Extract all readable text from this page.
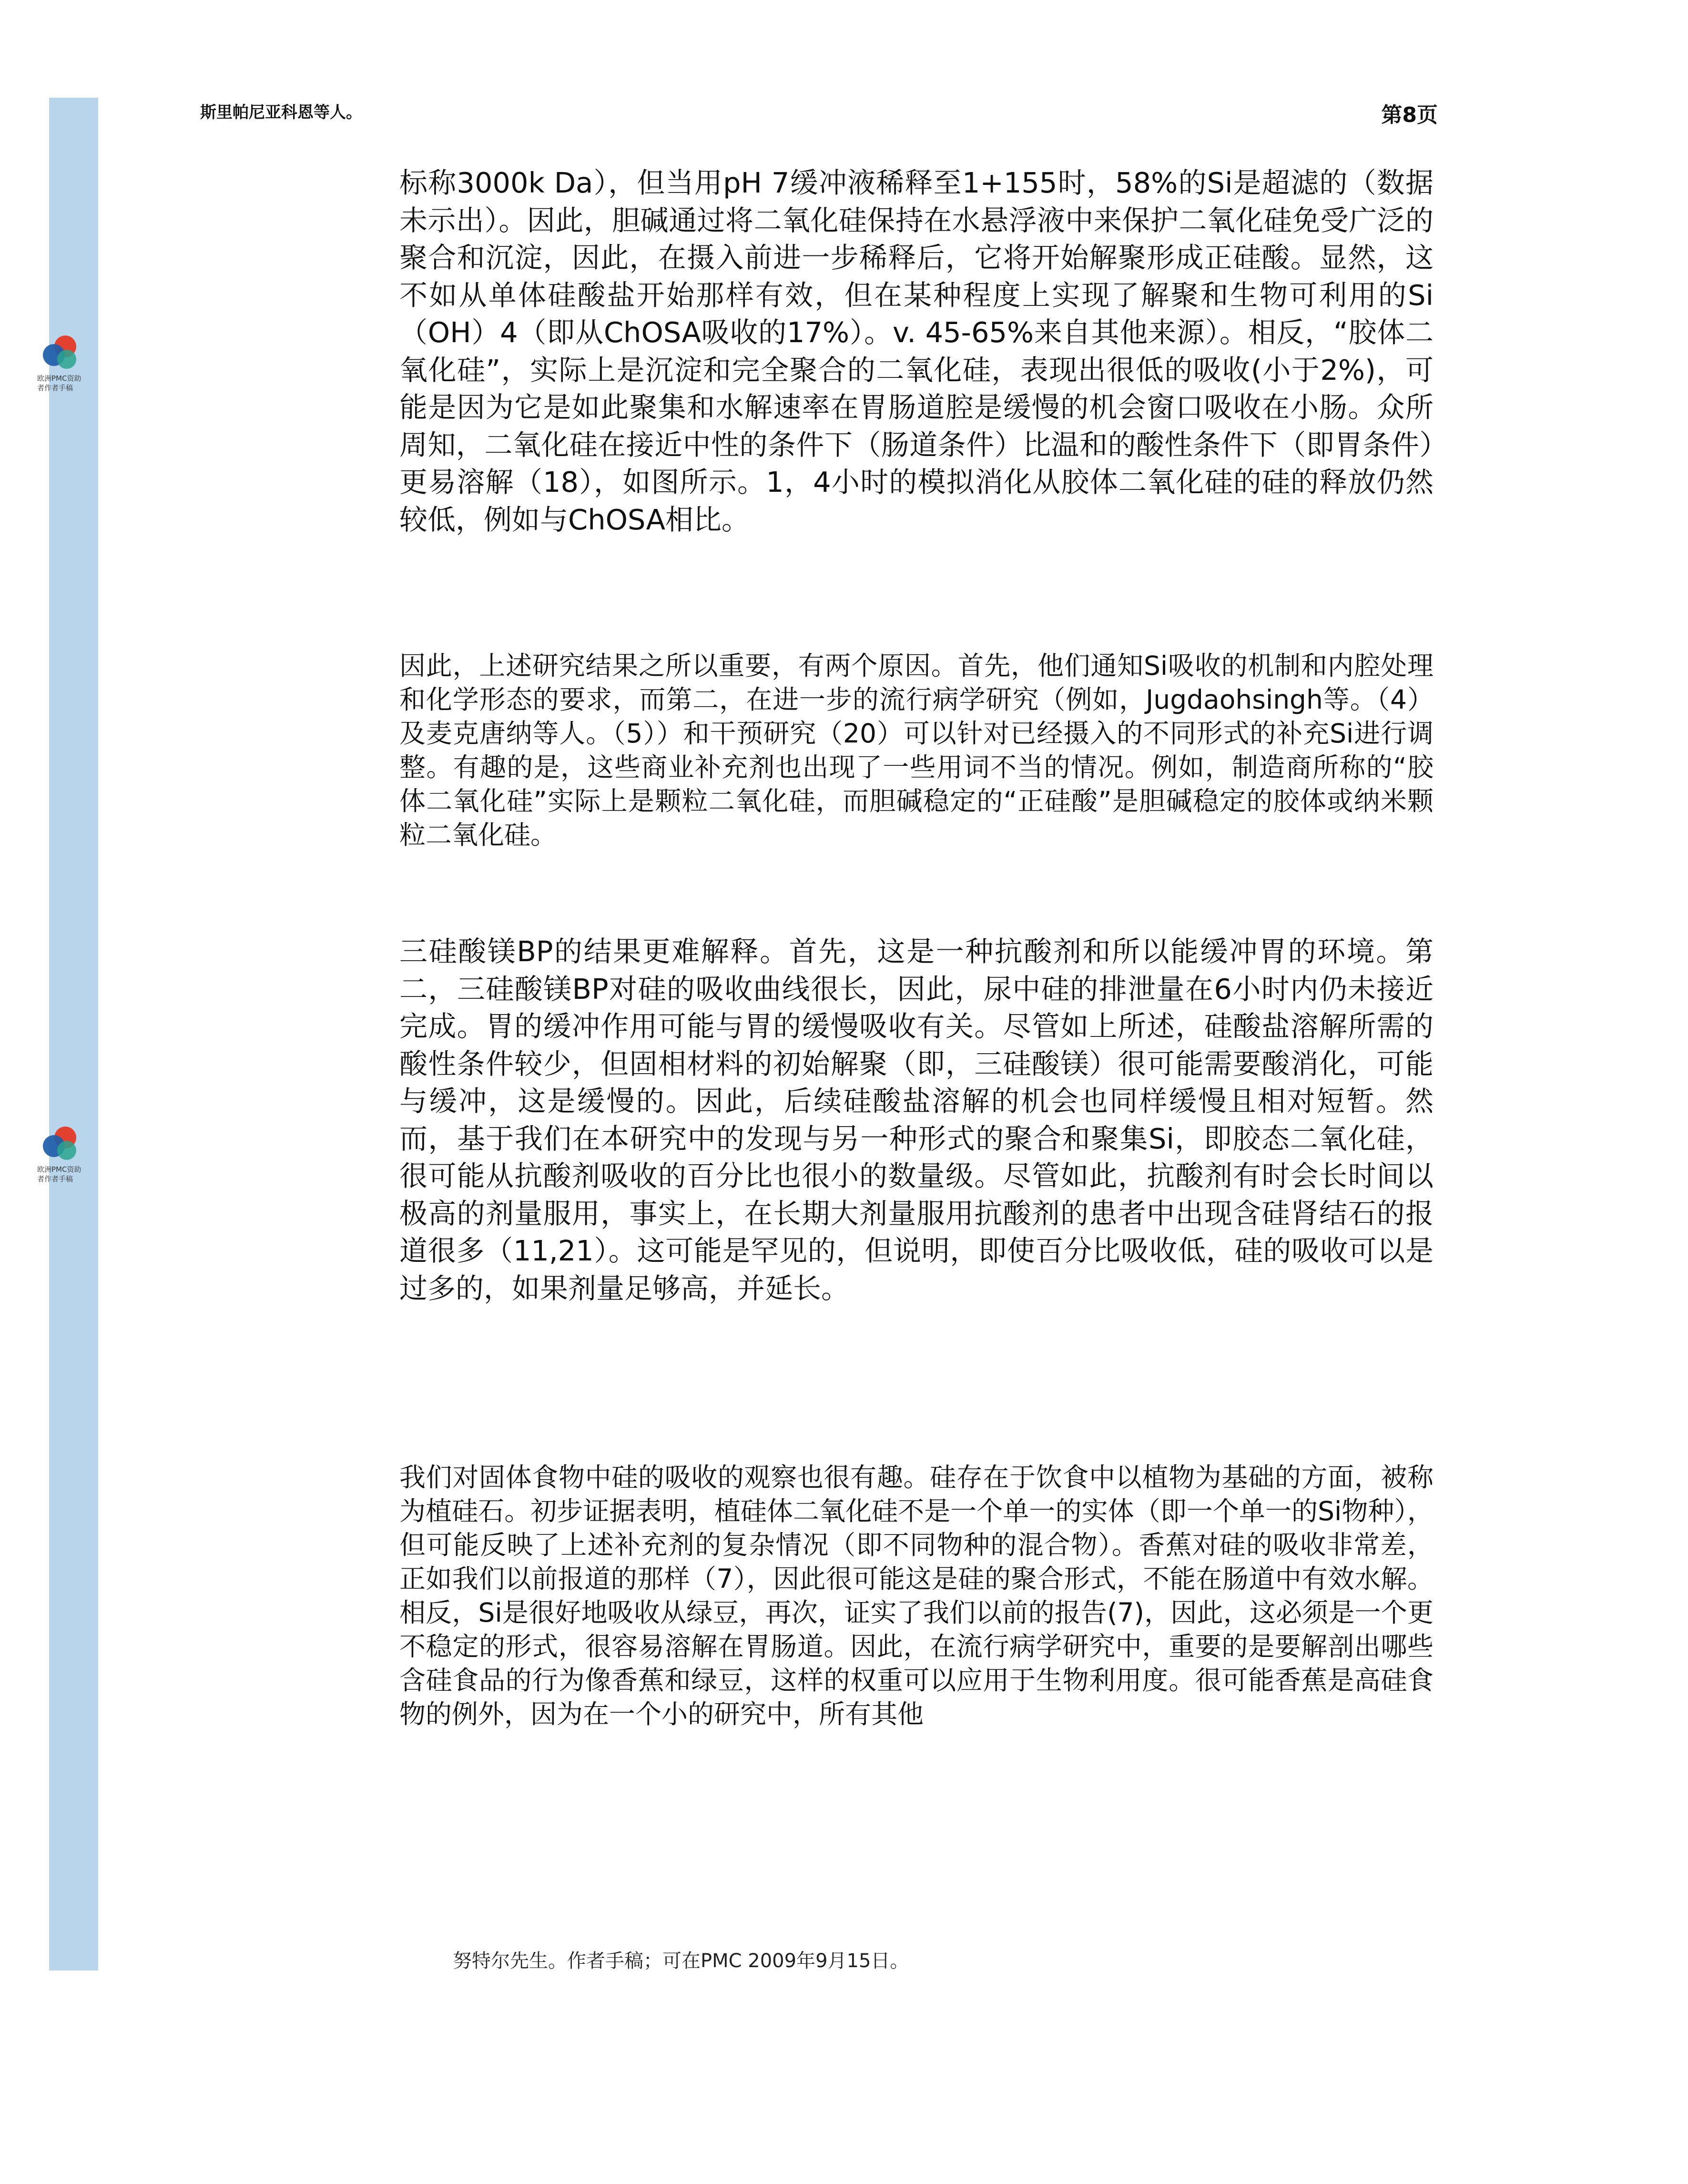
欧洲PMC资助者作者手稿
欧洲PMC资助者作者手稿
斯里帕尼亚科恩等人。	第8页

标称3000k Da），但当用pH 7缓冲液稀释至1+155时，58%的Si是超滤的（数据未示出）。因此，胆碱通过将二氧化硅保持在水悬浮液中来保护二氧化硅免受广泛的聚合和沉淀，因此，在摄入前进一步稀释后，它将开始解聚形成正硅酸。显然，这不如从单体硅酸盐开始那样有效，但在某种程度上实现了解聚和生物可利用的Si（OH）4（即从ChOSA吸收的17%）。v. 45-65%来自其他来源）。相反，“胶体二氧化硅”，实际上是沉淀和完全聚合的二氧化硅，表现出很低的吸收(小于2%)，可能是因为它是如此聚集和水解速率在胃肠道腔是缓慢的机会窗口吸收在小肠。众所周知，二氧化硅在接近中性的条件下（肠道条件）比温和的酸性条件下（即胃条件）更易溶解（18），如图所示。1，4小时的模拟消化从胶体二氧化硅的硅的释放仍然较低，例如与ChOSA相比。

因此，上述研究结果之所以重要，有两个原因。首先，他们通知Si吸收的机制和内腔处理和化学形态的要求，而第二，在进一步的流行病学研究（例如，Jugdaohsingh等。（4）及麦克唐纳等人。（5））和干预研究（20）可以针对已经摄入的不同形式的补充Si进行调整。有趣的是，这些商业补充剂也出现了一些用词不当的情况。例如，制造商所称的“胶体二氧化硅”实际上是颗粒二氧化硅，而胆碱稳定的“正硅酸”是胆碱稳定的胶体或纳米颗粒二氧化硅。

三硅酸镁BP的结果更难解释。首先，这是一种抗酸剂和所以能缓冲胃的环境。第二，三硅酸镁BP对硅的吸收曲线很长，因此，尿中硅的排泄量在6小时内仍未接近完成。胃的缓冲作用可能与胃的缓慢吸收有关。尽管如上所述，硅酸盐溶解所需的酸性条件较少，但固相材料的初始解聚（即，三硅酸镁）很可能需要酸消化，可能与缓冲，这是缓慢的。因此，后续硅酸盐溶解的机会也同样缓慢且相对短暂。然而，基于我们在本研究中的发现与另一种形式的聚合和聚集Si，即胶态二氧化硅，很可能从抗酸剂吸收的百分比也很小的数量级。尽管如此，抗酸剂有时会长时间以极高的剂量服用，事实上，在长期大剂量服用抗酸剂的患者中出现含硅肾结石的报道很多（11,21）。这可能是罕见的，但说明，即使百分比吸收低，硅的吸收可以是过多的，如果剂量足够高，并延长。

我们对固体食物中硅的吸收的观察也很有趣。硅存在于饮食中以植物为基础的方面，被称为植硅石。初步证据表明，植硅体二氧化硅不是一个单一的实体（即一个单一的Si物种），但可能反映了上述补充剂的复杂情况（即不同物种的混合物）。香蕉对硅的吸收非常差，正如我们以前报道的那样（7），因此很可能这是硅的聚合形式，不能在肠道中有效水解。相反，Si是很好地吸收从绿豆，再次，证实了我们以前的报告(7)，因此，这必须是一个更不稳定的形式，很容易溶解在胃肠道。因此，在流行病学研究中，重要的是要解剖出哪些含硅食品的行为像香蕉和绿豆，这样的权重可以应用于生物利用度。很可能香蕉是高硅食物的例外，因为在一个小的研究中，所有其他

努特尔先生。作者手稿；可在PMC 2009年9月15日。
